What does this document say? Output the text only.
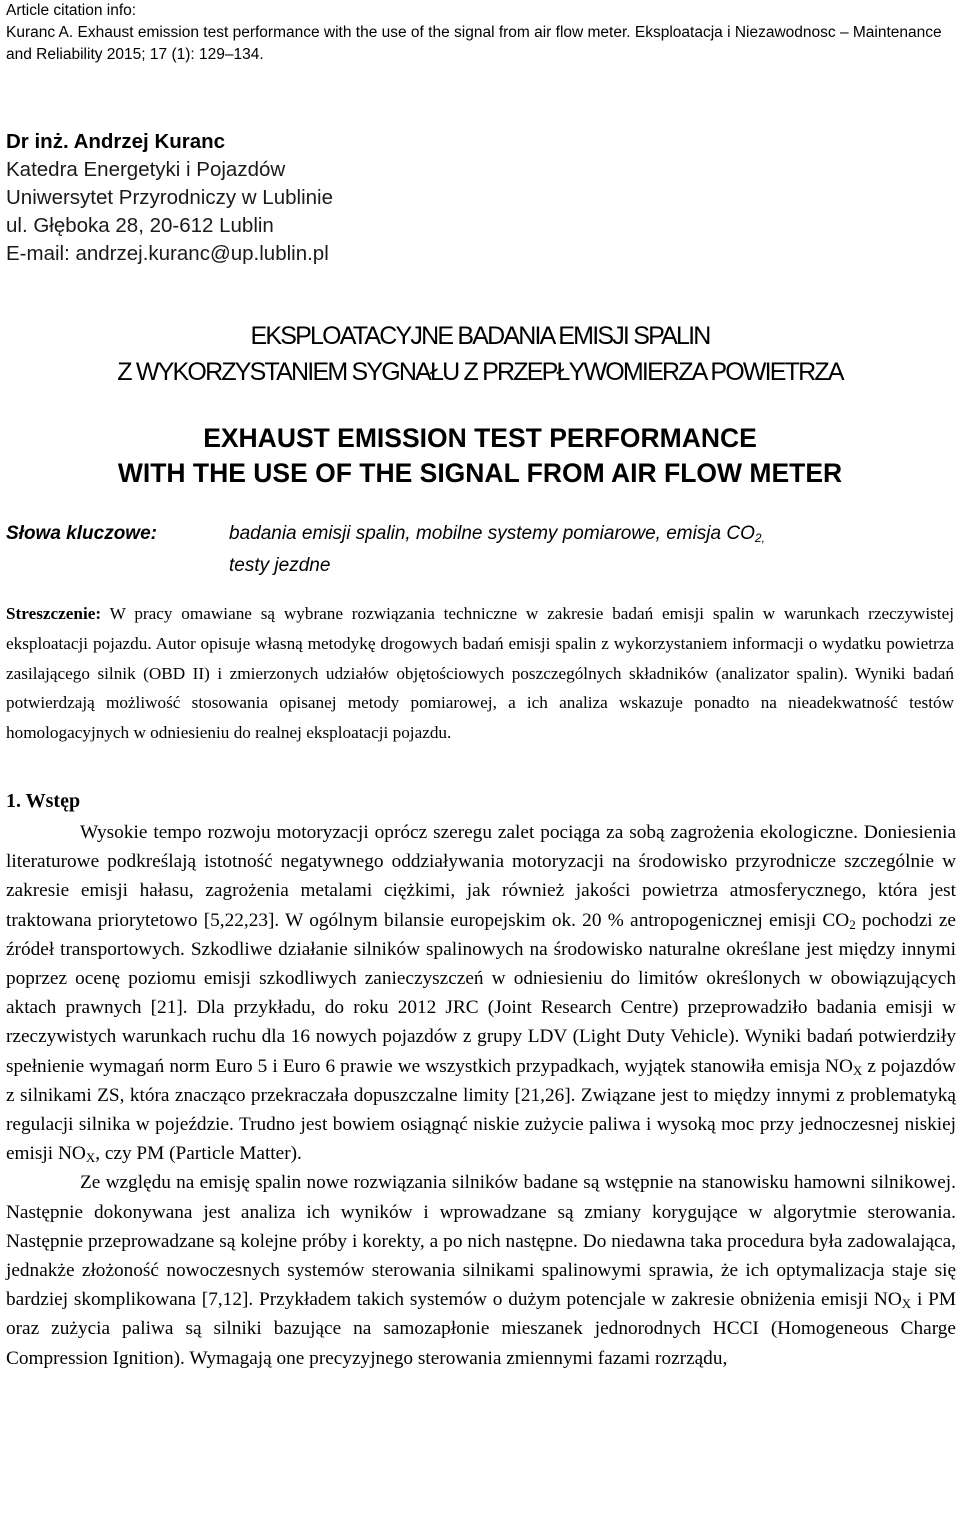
Article citation info:
Kuranc A. Exhaust emission test performance with the use of the signal from air flow meter. Eksploatacja i Niezawodnosc – Maintenance
and Reliability 2015; 17 (1): 129–134.
Dr inż. Andrzej Kuranc
Katedra Energetyki i Pojazdów
Uniwersytet Przyrodniczy w Lublinie
ul. Głęboka 28, 20-612 Lublin
E-mail: andrzej.kuranc@up.lublin.pl
EKSPLOATACYJNE BADANIA EMISJI SPALIN
Z WYKORZYSTANIEM SYGNAŁU Z PRZEPŁYWOMIERZA POWIETRZA
EXHAUST EMISSION TEST PERFORMANCE
WITH THE USE OF THE SIGNAL FROM AIR FLOW METER
Słowa kluczowe:	badania emisji spalin, mobilne systemy pomiarowe, emisja $CO_{2,}$
testy jezdne
Streszczenie: W pracy omawiane są wybrane rozwiązania techniczne w zakresie badań emisji spalin w warunkach rzeczywistej eksploatacji pojazdu. Autor opisuje własną metodykę drogowych badań emisji spalin z wykorzystaniem informacji o wydatku powietrza zasilającego silnik (OBD II) i zmierzonych udziałów objętościowych poszczególnych składników (analizator spalin). Wyniki badań potwierdzają możliwość stosowania opisanej metody pomiarowej, a ich analiza wskazuje ponadto na nieadekwatność testów homologacyjnych w odniesieniu do realnej eksploatacji pojazdu.
1. Wstęp

Wysokie tempo rozwoju motoryzacji oprócz szeregu zalet pociąga za sobą zagrożenia ekologiczne. Doniesienia literaturowe podkreślają istotność negatywnego oddziaływania motoryzacji na środowisko przyrodnicze szczególnie w zakresie emisji hałasu, zagrożenia metalami ciężkimi, jak również jakości powietrza atmosferycznego, która jest traktowana priorytetowo [5,22,23]. W ogólnym bilansie europejskim ok. 20 % antropogenicznej emisji $CO_2$ pochodzi ze źródeł transportowych. Szkodliwe działanie silników spalinowych na środowisko naturalne określane jest między innymi poprzez ocenę poziomu emisji szkodliwych zanieczyszczeń w odniesieniu do limitów określonych w obowiązujących aktach prawnych [21]. Dla przykładu, do roku 2012 JRC (Joint Research Centre) przeprowadziło badania emisji w rzeczywistych warunkach ruchu dla 16 nowych pojazdów z grupy LDV (Light Duty Vehicle). Wyniki badań potwierdziły spełnienie wymagań norm Euro 5 i Euro 6 prawie we wszystkich przypadkach, wyjątek stanowiła emisja $NO_X$ z pojazdów z silnikami ZS, która znacząco przekraczała dopuszczalne limity [21,26]. Związane jest to między innymi z problematyką regulacji silnika w pojeździe. Trudno jest bowiem osiągnąć niskie zużycie paliwa i wysoką moc przy jednoczesnej niskiej emisji $NO_X$, czy PM (Particle Matter).

Ze względu na emisję spalin nowe rozwiązania silników badane są wstępnie na stanowisku hamowni silnikowej. Następnie dokonywana jest analiza ich wyników i wprowadzane są zmiany korygujące w algorytmie sterowania. Następnie przeprowadzane są kolejne próby i korekty, a po nich następne. Do niedawna taka procedura była zadowalająca, jednakże złożoność nowoczesnych systemów sterowania silnikami spalinowymi sprawia, że ich optymalizacja staje się bardziej skomplikowana [7,12]. Przykładem takich systemów o dużym potencjale w zakresie obniżenia emisji $NO_X$ i PM oraz zużycia paliwa są silniki bazujące na samozapłonie mieszanek jednorodnych HCCI (Homogeneous Charge Compression Ignition). Wymagają one precyzyjnego sterowania zmiennymi fazami rozrządu,
